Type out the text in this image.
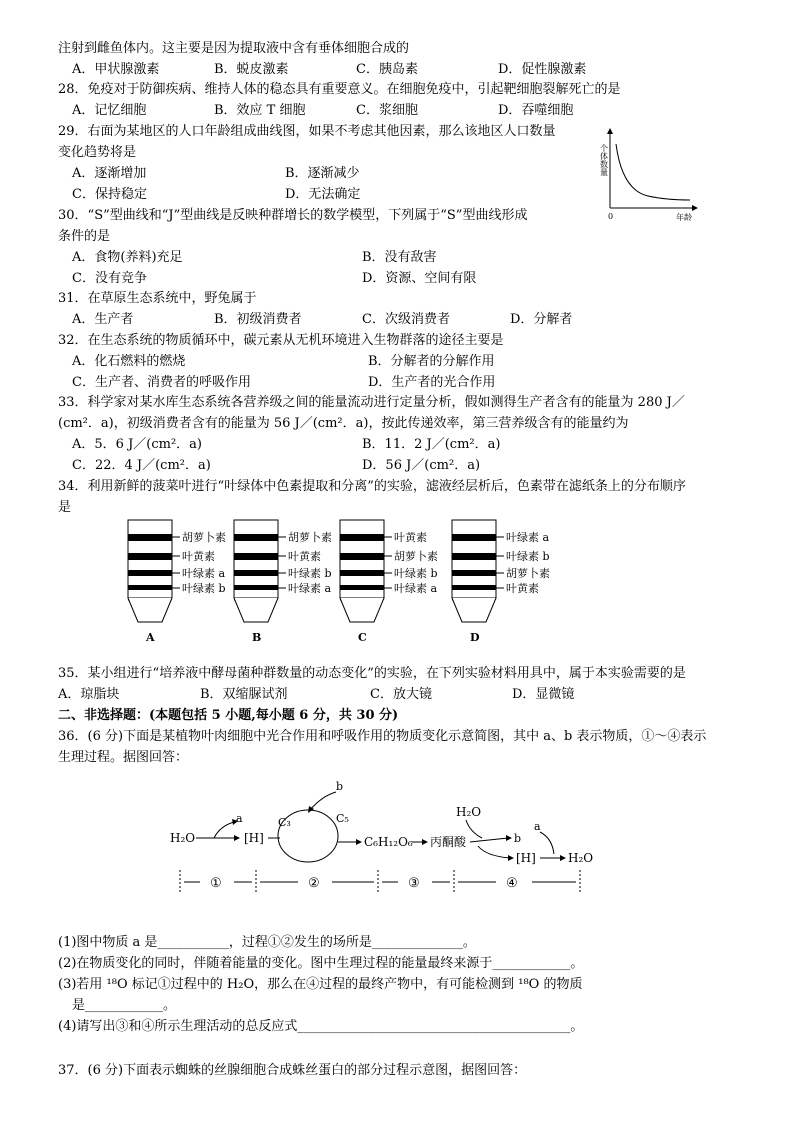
注射到雌鱼体内。这主要是因为提取液中含有垂体细胞合成的
A．甲状腺激素	B．蜕皮激素	C．胰岛素	D．促性腺激素
28．免疫对于防御疾病、维持人体的稳态具有重要意义。在细胞免疫中，引起靶细胞裂解死亡的是
A．记忆细胞	B．效应 T 细胞	C．浆细胞	D．吞噬细胞
29．右面为某地区的人口年龄组成曲线图，如果不考虑其他因素，那么该地区人口数量
变化趋势将是
A．逐渐增加	B．逐渐减少
C．保持稳定	D．无法确定
个体数量
0	年龄
30．“S”型曲线和“J”型曲线是反映种群增长的数学模型，下列属于“S”型曲线形成
条件的是
A．食物(养料)充足	B．没有敌害
C．没有竞争	D．资源、空间有限
31．在草原生态系统中，野兔属于
A．生产者	B．初级消费者	C．次级消费者	D．分解者
32．在生态系统的物质循环中，碳元素从无机环境进入生物群落的途径主要是
A．化石燃料的燃烧	B．分解者的分解作用
C．生产者、消费者的呼吸作用	D．生产者的光合作用
33．科学家对某水库生态系统各营养级之间的能量流动进行定量分析，假如测得生产者含有的能量为 280 J／
(cm²．a)，初级消费者含有的能量为 56 J／(cm²．a)，按此传递效率，第三营养级含有的能量约为
A．5．6 J／(cm²．a)	B．11．2 J／(cm²．a)
C．22．4 J／(cm²．a)	D．56 J／(cm²．a)
34．利用新鲜的菠菜叶进行“叶绿体中色素提取和分离”的实验，滤液经层析后，色素带在滤纸条上的分布顺序
是
胡萝卜素
叶黄素
叶绿素 a
叶绿素 b
A
胡萝卜素
叶黄素
叶绿素 b
叶绿素 a
B
叶黄素
胡萝卜素
叶绿素 b
叶绿素 a
C
叶绿素 a
叶绿素 b
胡萝卜素
叶黄素
D
35．某小组进行“培养液中酵母菌种群数量的动态变化”的实验，在下列实验材料用具中，属于本实验需要的是
A．琼脂块	B．双缩脲试剂	C．放大镜	D．显微镜
二、非选择题：(本题包括 5 小题,每小题 6 分，共 30 分)
36．(6 分)下面是某植物叶肉细胞中光合作用和呼吸作用的物质变化示意简图，其中 a、b 表示物质，①～④表示
生理过程。据图回答：
H₂O
a
[H]
C₃	C₅
b
C₆H₁₂O₆ 丙酮酸
H₂O
b
[H]
a
H₂O
①	②	③	④
(1)图中物质 a 是___________，过程①②发生的场所是______________。
(2)在物质变化的同时，伴随着能量的变化。图中生理过程的能量最终来源于____________。
(3)若用 ¹⁸O 标记①过程中的 H₂O，那么在④过程的最终产物中，有可能检测到 ¹⁸O 的物质
是____________。
(4)请写出③和④所示生理活动的总反应式__________________________________________。
37．(6 分)下面表示蜘蛛的丝腺细胞合成蛛丝蛋白的部分过程示意图，据图回答：
